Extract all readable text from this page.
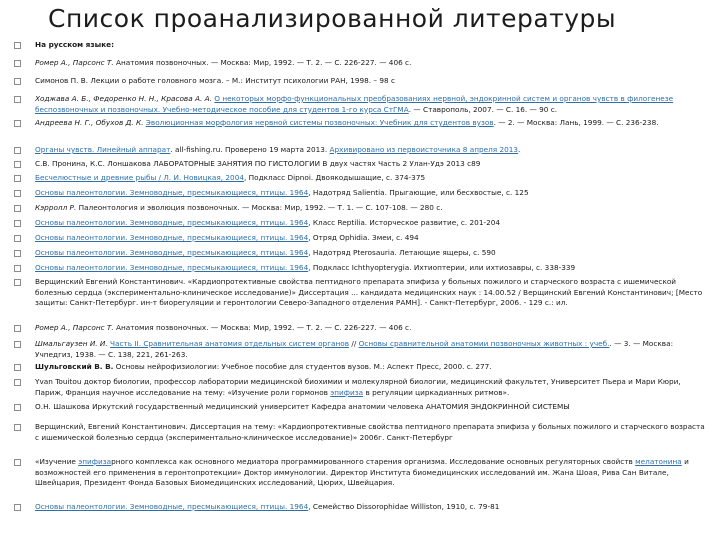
Список проанализированной литературы
На русском языке:
Ромер А., Парсонс Т. Анатомия позвоночных. — Москва: Мир, 1992. — Т. 2. — С. 226-227. — 406 с.
Симонов П. В. Лекции о работе головного мозга. – М.: Институт психологии РАН, 1998. – 98 с
Ходжава А. Б., Федоренко Н. Н., Красова А. А. О некоторых морфо-функциональных преобразованиях нервной, эндокринной систем и органов чувств в филогенезе беспозвоночных и позвоночных. Учебно-методическое пособие для студентов 1-го курса СтГМА. — Ставрополь, 2007. — С. 16. — 90 с.
Андреева Н. Г., Обухов Д. К. Эволюционная морфология нервной системы позвоночных: Учебник для студентов вузов. — 2. — Москва: Лань, 1999. — С. 236-238.
Органы чувств. Линейный аппарат. all-fishing.ru. Проверено 19 марта 2013. Архивировано из первоисточника 8 апреля 2013.
С.В. Пронина, К.С. Лоншакова ЛАБОРАТОРНЫЕ ЗАНЯТИЯ ПО ГИСТОЛОГИИ В двух частях Часть 2 Улан-Удэ 2013 с89
Бесчелюстные и древние рыбы / Л. И. Новицкая, 2004, Подкласс Dipnoi. Двоякодышащие, с. 374-375
Основы палеонтологии. Земноводные, пресмыкающиеся, птицы. 1964, Надотряд Salientia. Прыгающие, или бесхвостые, с. 125
Кэрролл Р. Палеонтология и эволюция позвоночных. — Москва: Мир, 1992. — Т. 1. — С. 107-108. — 280 с.
Основы палеонтологии. Земноводные, пресмыкающиеся, птицы. 1964, Класс Reptilia. Исторческое развитие, с. 201-204
Основы палеонтологии. Земноводные, пресмыкающиеся, птицы. 1964, Отряд Ophidia. Змеи, с. 494
Основы палеонтологии. Земноводные, пресмыкающиеся, птицы. 1964, Надотряд Pterosauria. Летающие ящеры, с. 590
Основы палеонтологии. Земноводные, пресмыкающиеся, птицы. 1964, Подкласс Ichthyopterygia. Ихтиоптерии, или ихтиозавры, с. 338-339
Верщинский Евгений Константинович. «Кардиопротективные свойства пептидного препарата эпифиза у больных пожилого и старческого возраста с ишемической болезнью сердца (экспериментально-клиническое исследование)» Диссертация ... кандидата медицинских наук : 14.00.52 / Верщинский Евгений Константинович; [Место защиты: Санкт-Петербург. ин-т биорегуляции и геронтологии Северо-Западного отделения РАМН]. - Санкт-Петербург, 2006. - 129 с.: ил.
Ромер А., Парсонс Т. Анатомия позвоночных. — Москва: Мир, 1992. — Т. 2. — С. 226-227. — 406 с.
Шмальгаузен И. И. Часть II. Сравнительная анатомия отдельных систем органов // Основы сравнительной анатомии позвоночных животных : учеб.. — 3. — Москва: Учпедгиз, 1938. — С. 138, 221, 261-263.
Шульговский В. В. Основы нейрофизиологии: Учебное пособие для студентов вузов. М.: Аспект Пресс, 2000. с. 277.
Yvan Touitou доктор биологии, профессор лаборатории медицинской биохимии и молекулярной биологии, медицинский факультет, Университет Пьера и Мари Кюри, Париж, Франция научное исследование на тему: «Изучение роли гормонов эпифиза в регуляции циркадианных ритмов».
О.Н. Шашкова Иркутский государственный медицинский университет Кафедра анатомии человека АНАТОМИЯ ЭНДОКРИННОЙ СИСТЕМЫ
Верщинский, Евгений Константинович. Диссертация на тему: «Кардиопротективные свойства пептидного препарата эпифиза у больных пожилого и старческого возраста с ишемической болезнью сердца (экспериментально-клиническое исследование)» 2006г. Санкт-Петербург
«Изучение эпифизарного комплекса как основного медиатора программированного старения организма. Исследование основных регуляторных свойств мелатонина и возможностей его применения в геронтопротекции» Доктор иммунологии. Директор Института биомедицинских исследований им. Жана Шоая, Рива Сан Витале, Швейцария, Президент Фонда Базовых Биомедицинских исследований, Цюрих, Швейцария.
Основы палеонтологии. Земноводные, пресмыкающиеся, птицы. 1964, Семейство Dissorophidae Williston, 1910, с. 79-81
